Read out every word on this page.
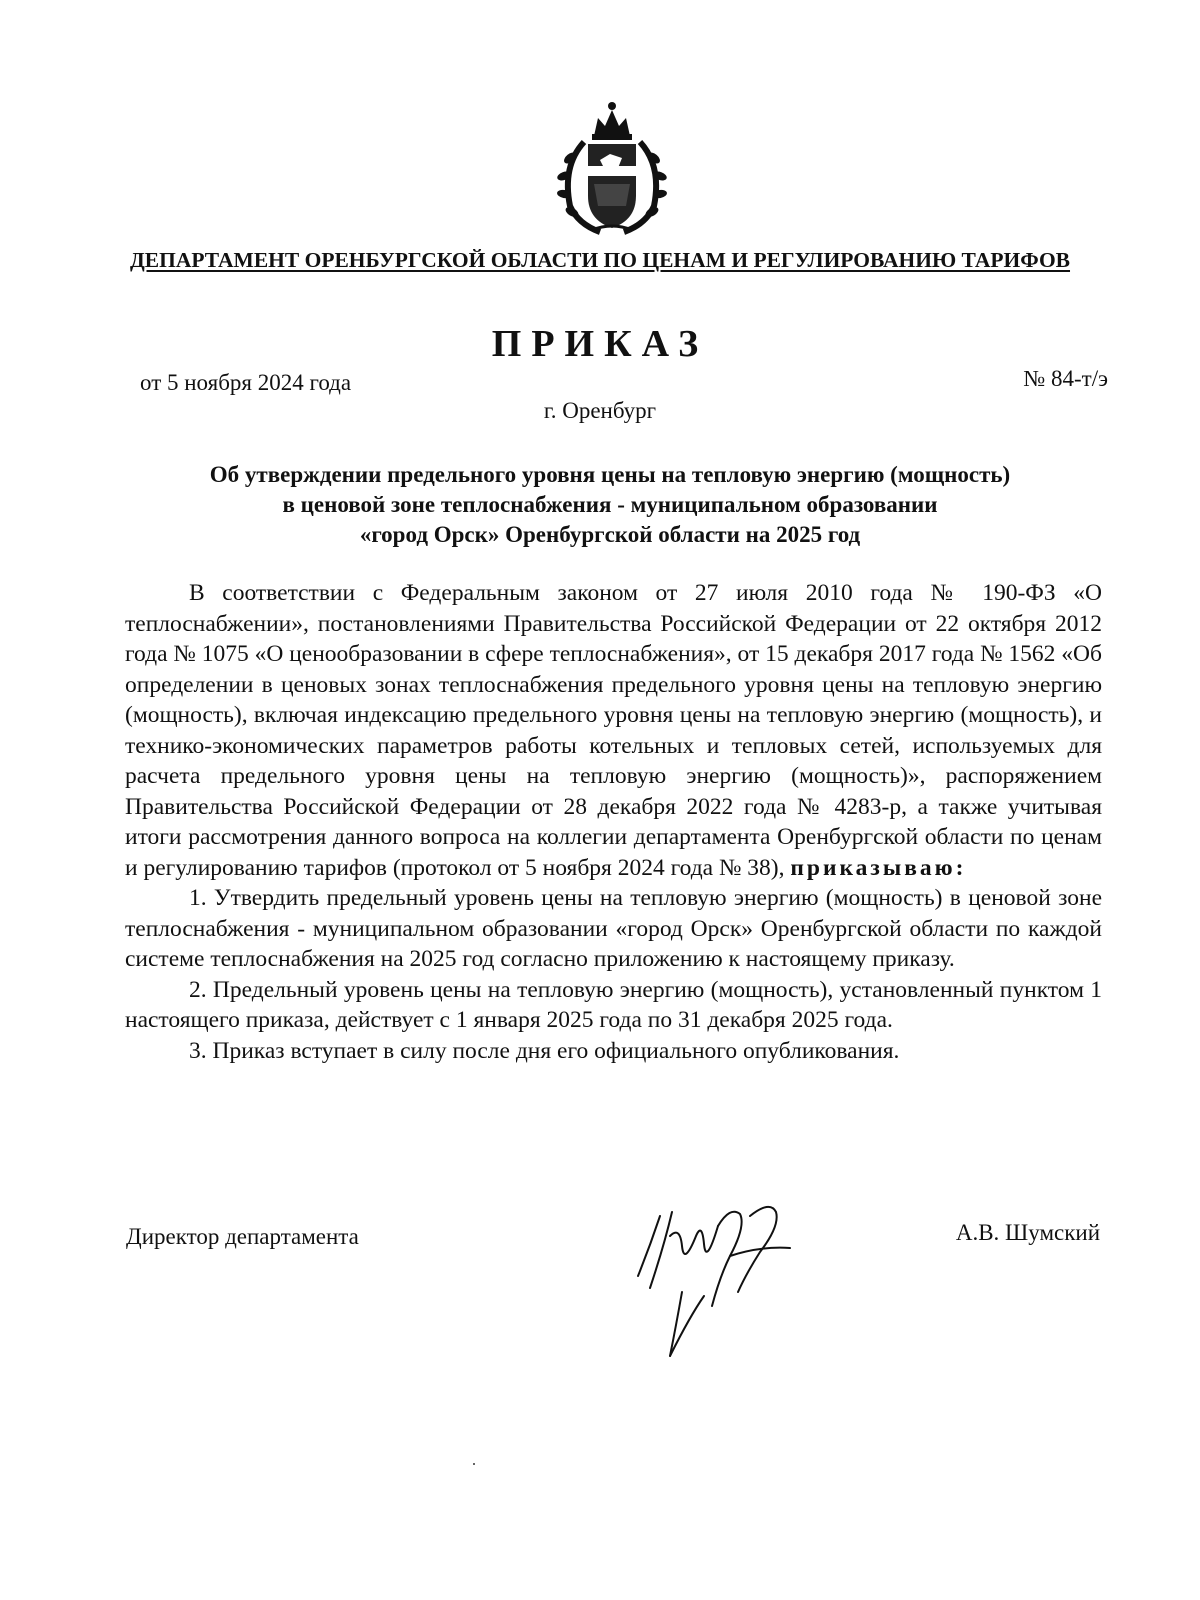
ДЕПАРТАМЕНТ ОРЕНБУРГСКОЙ ОБЛАСТИ ПО ЦЕНАМ И РЕГУЛИРОВАНИЮ ТАРИФОВ
ПРИКАЗ
от 5 ноября 2024 года	№ 84-т/э
г. Оренбург
Об утверждении предельного уровня цены на тепловую энергию (мощность)
в ценовой зоне теплоснабжения - муниципальном образовании
«город Орск» Оренбургской области на 2025 год

В соответствии с Федеральным законом от 27 июля 2010 года № 190-ФЗ «О теплоснабжении», постановлениями Правительства Российской Федерации от 22 октября 2012 года № 1075 «О ценообразовании в сфере теплоснабжения», от 15 декабря 2017 года № 1562 «Об определении в ценовых зонах теплоснабжения предельного уровня цены на тепловую энергию (мощность), включая индексацию предельного уровня цены на тепловую энергию (мощность), и технико-экономических параметров работы котельных и тепловых сетей, используемых для расчета предельного уровня цены на тепловую энергию (мощность)», распоряжением Правительства Российской Федерации от 28 декабря 2022 года № 4283-р, а также учитывая итоги рассмотрения данного вопроса на коллегии департамента Оренбургской области по ценам и регулированию тарифов (протокол от 5 ноября 2024 года № 38), приказываю:

1. Утвердить предельный уровень цены на тепловую энергию (мощность) в ценовой зоне теплоснабжения - муниципальном образовании «город Орск» Оренбургской области по каждой системе теплоснабжения на 2025 год согласно приложению к настоящему приказу.

2. Предельный уровень цены на тепловую энергию (мощность), установленный пунктом 1 настоящего приказа, действует с 1 января 2025 года по 31 декабря 2025 года.

3. Приказ вступает в силу после дня его официального опубликования.

Директор департамента	А.В. Шумский
